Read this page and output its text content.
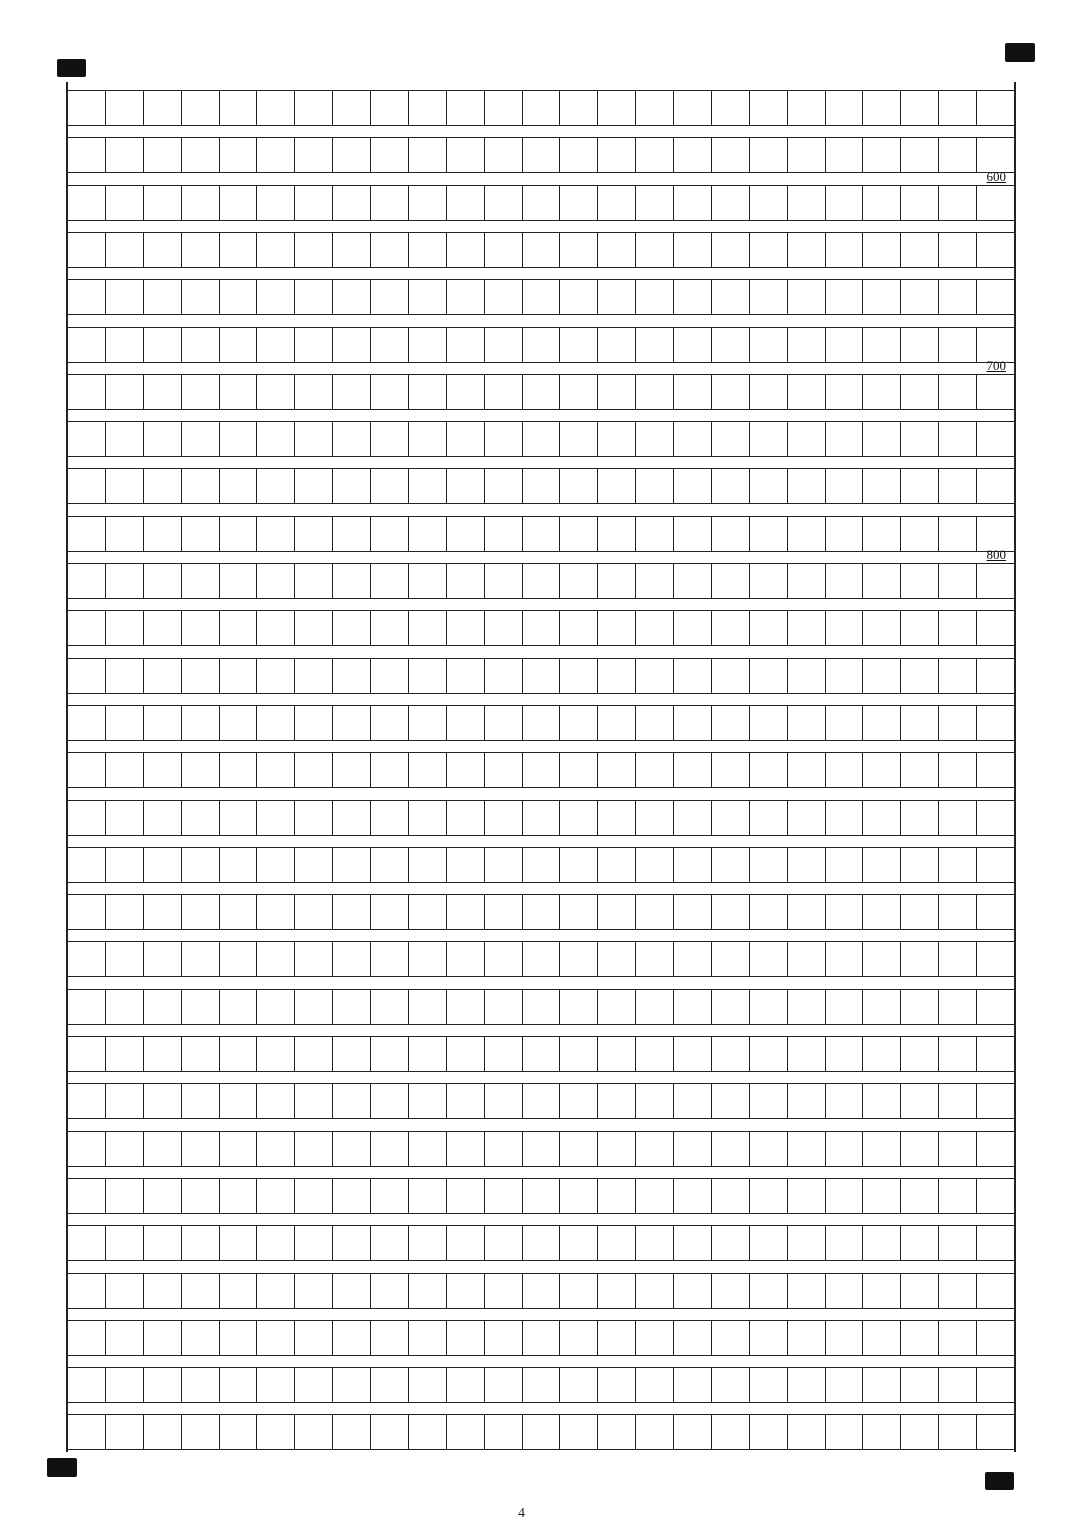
600
700
800
4
